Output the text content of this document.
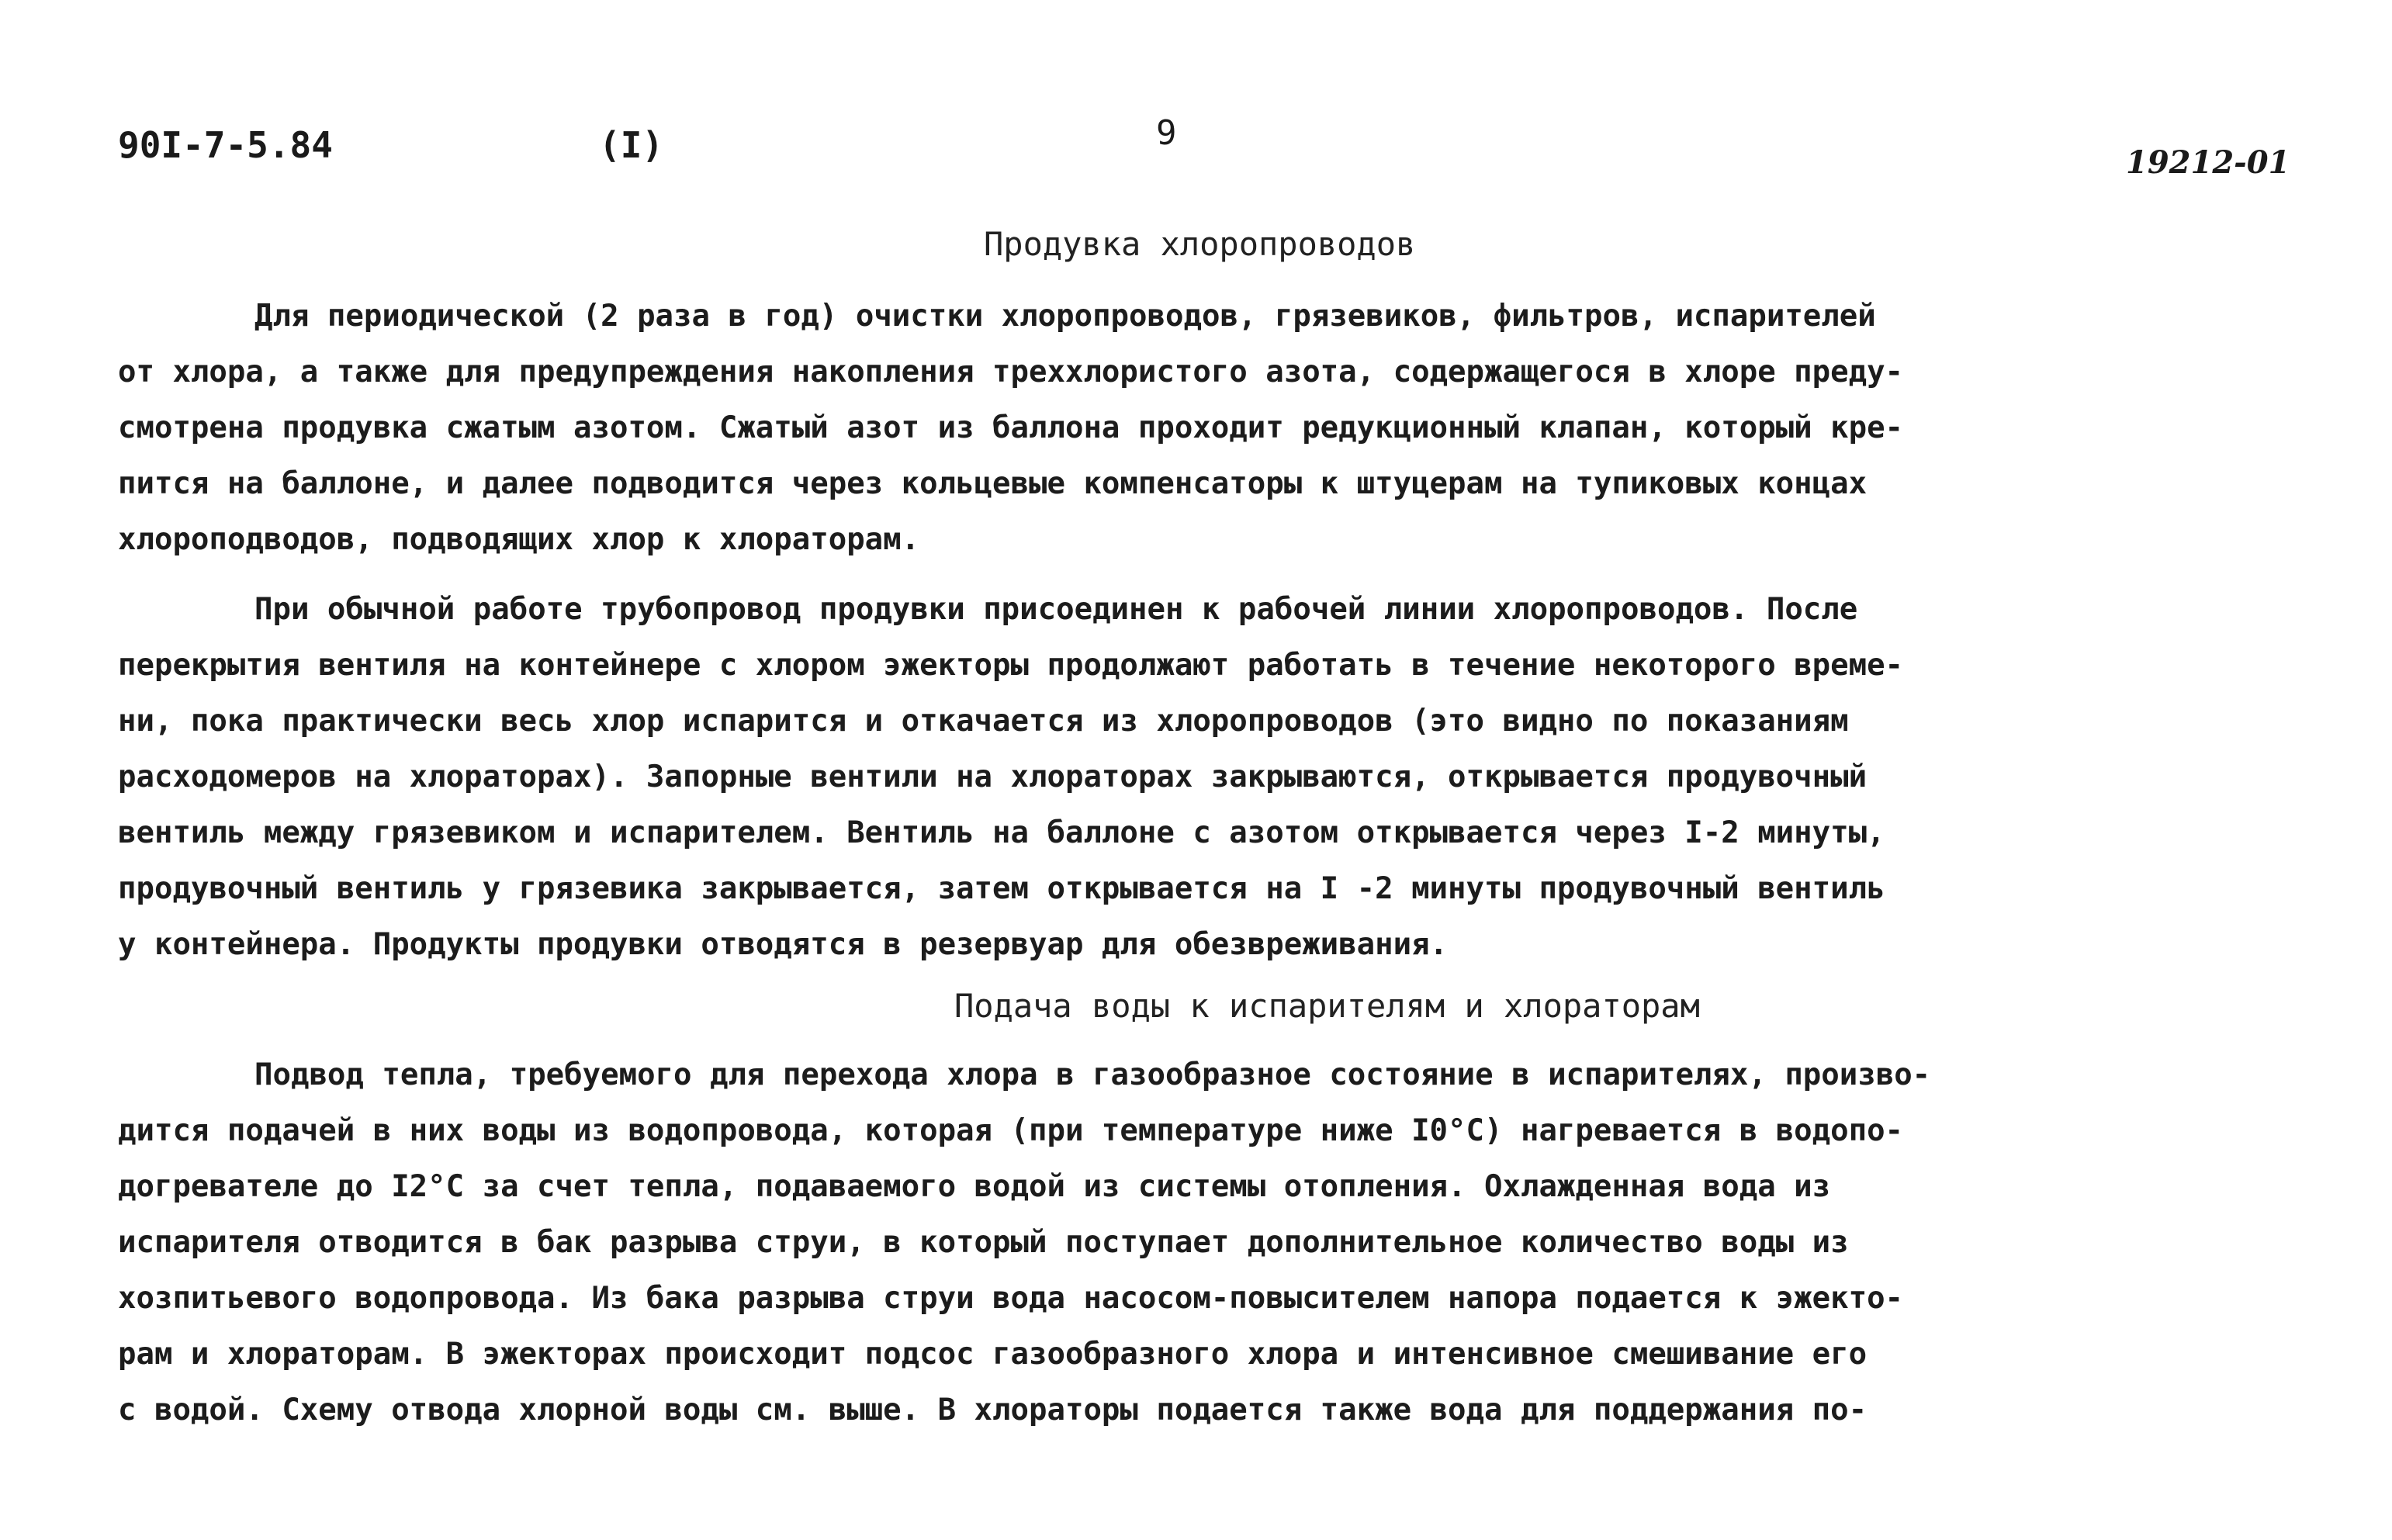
90I-7-5.84	(I)	9
19212-01
Продувка хлоропроводов
Для периодической (2 раза в год) очистки хлоропроводов, грязевиков, фильтров, испарителей
от хлора, а также для предупреждения накопления треххлористого азота, содержащегося в хлоре преду-
смотрена продувка сжатым азотом. Сжатый азот из баллона проходит редукционный клапан, который кре-
пится на баллоне, и далее подводится через кольцевые компенсаторы к штуцерам на тупиковых концах
хлороподводов, подводящих хлор к хлораторам.
При обычной работе трубопровод продувки присоединен к рабочей линии хлоропроводов. После
перекрытия вентиля на контейнере с хлором эжекторы продолжают работать в течение некоторого време-
ни, пока практически весь хлор испарится и откачается из хлоропроводов (это видно по показаниям
расходомеров на хлораторах). Запорные вентили на хлораторах закрываются, открывается продувочный
вентиль между грязевиком и испарителем. Вентиль на баллоне с азотом открывается через I-2 минуты,
продувочный вентиль у грязевика закрывается, затем открывается на I -2 минуты продувочный вентиль
у контейнера. Продукты продувки отводятся в резервуар для обезвреживания.
Подача воды к испарителям и хлораторам
Подвод тепла, требуемого для перехода хлора в газообразное состояние в испарителях, произво-
дится подачей в них воды из водопровода, которая (при температуре ниже I0°C) нагревается в водопо-
догревателе до I2°C за счет тепла, подаваемого водой из системы отопления. Охлажденная вода из
испарителя отводится в бак разрыва струи, в который поступает дополнительное количество воды из
хозпитьевого водопровода. Из бака разрыва струи вода насосом-повысителем напора подается к эжекто-
рам и хлораторам. В эжекторах происходит подсос газообразного хлора и интенсивное смешивание его
с водой. Схему отвода хлорной воды см. выше. В хлораторы подается также вода для поддержания по-
